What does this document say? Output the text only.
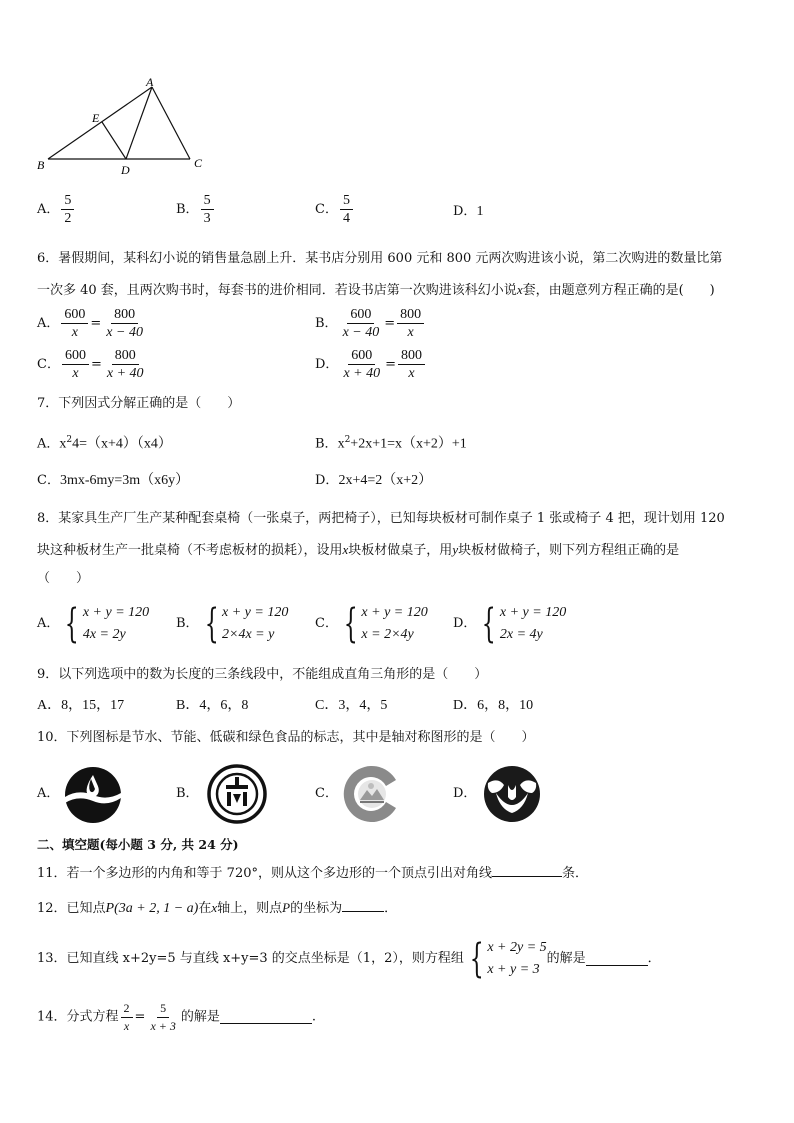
A
E
B	D	C
A． $\frac{5}{2}$	B． $\frac{5}{3}$	C． $\frac{5}{4}$	D．1
6．暑假期间，某科幻小说的销售量急剧上升．某书店分别用 600 元和 800 元两次购进该小说，第二次购进的数量比第
一次多 40 套，且两次购书时，每套书的进价相同．若设书店第一次购进该科幻小说x套，由题意列方程正确的是(　　)
A． $\frac{600}{x} = \frac{800}{x - 40}$	B． $\frac{600}{x - 40} = \frac{800}{x}$
C． $\frac{600}{x} = \frac{800}{x + 40}$	D． $\frac{600}{x + 40} = \frac{800}{x}$
7．下列因式分解正确的是（　　）
A．$x^24=(x+4)(x4)$	B．$x^2+2x+1=x(x+2)+1$
C．3mx-6my=3m（x6y）	D．2x+4=2（x+2）
8．某家具生产厂生产某种配套桌椅（一张桌子，两把椅子），已知每块板材可制作桌子 1 张或椅子 4 把，现计划用 120
块这种板材生产一批桌椅（不考虑板材的损耗），设用x块板材做桌子，用y块板材做椅子，则下列方程组正确的是
（　　）
A． { x + y = 120
4x = 2y
B． { x + y = 120
2×4x = y
C． { x + y = 120
x = 2×4y
D． { x + y = 120
2x = 4y
9．以下列选项中的数为长度的三条线段中，不能组成直角三角形的是（　　）
A．8，15，17	B．4，6，8	C．3，4，5	D．6，8，10
10．下列图标是节水、节能、低碳和绿色食品的标志，其中是轴对称图形的是（　　）
A．	B．	C．	D．
二、填空题(每小题 3 分, 共 24 分)
11．若一个多边形的内角和等于 720°，则从这个多边形的一个顶点引出对角线	条．
12．已知点P(3a + 2, 1 − a)在x轴上，则点P的坐标为	．
13．已知直线 x+2y=5 与直线 x+y=3 的交点坐标是（1，2），则方程组 { x + 2y = 5
x + y = 3
的解是	．
14．分式方程 $\frac{2}{x} = \frac{5}{x + 3}$ 的解是	.
